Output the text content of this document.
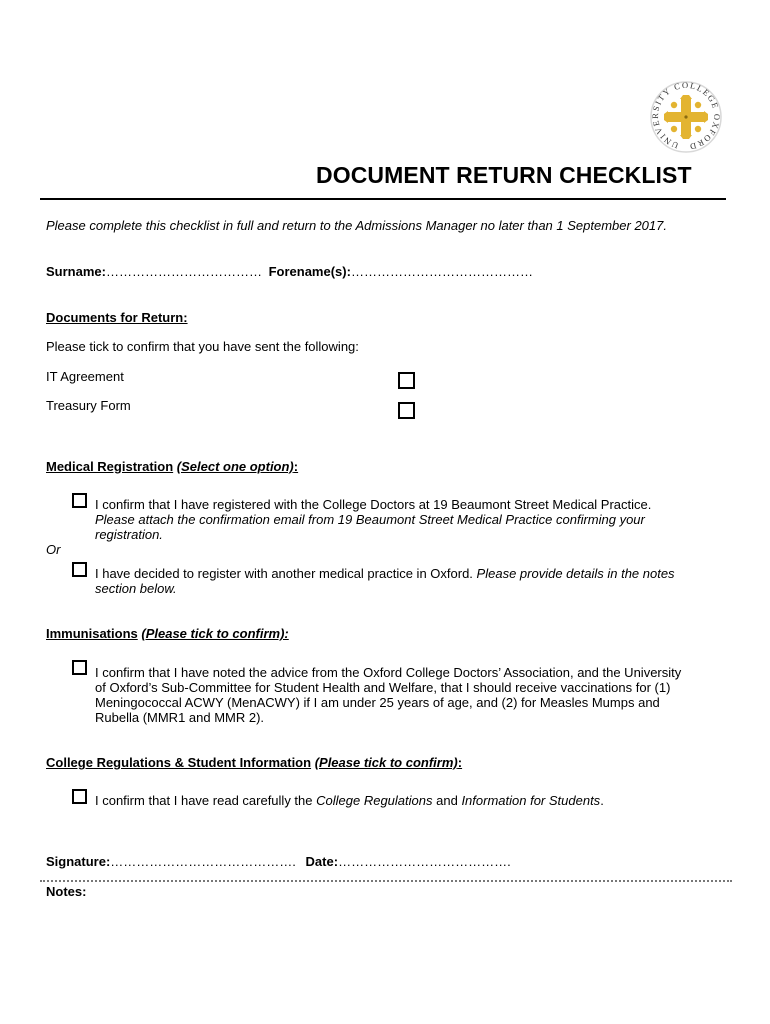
UNIVERSITY COLLEGE OXFORD
DOCUMENT RETURN CHECKLIST
Please complete this checklist in full and return to the Admissions Manager no later than 1 September 2017.
Surname:……………………………… Forename(s):……………………………………
Documents for Return:
Please tick to confirm that you have sent the following:
IT Agreement
Treasury Form
Medical Registration (Select one option):
I confirm that I have registered with the College Doctors at 19 Beaumont Street Medical Practice.
Please attach the confirmation email from 19 Beaumont Street Medical Practice confirming your
registration.
Or
I have decided to register with another medical practice in Oxford. Please provide details in the notes
section below.
Immunisations (Please tick to confirm):
I confirm that I have noted the advice from the Oxford College Doctors’ Association, and the University
of Oxford’s Sub-Committee for Student Health and Welfare, that I should receive vaccinations for (1)
Meningococcal ACWY (MenACWY) if I am under 25 years of age, and (2) for Measles Mumps and
Rubella (MMR1 and MMR 2).
College Regulations & Student Information (Please tick to confirm):
I confirm that I have read carefully the College Regulations and Information for Students.
Signature:……………………………………. Date:………………………………….
Notes:
